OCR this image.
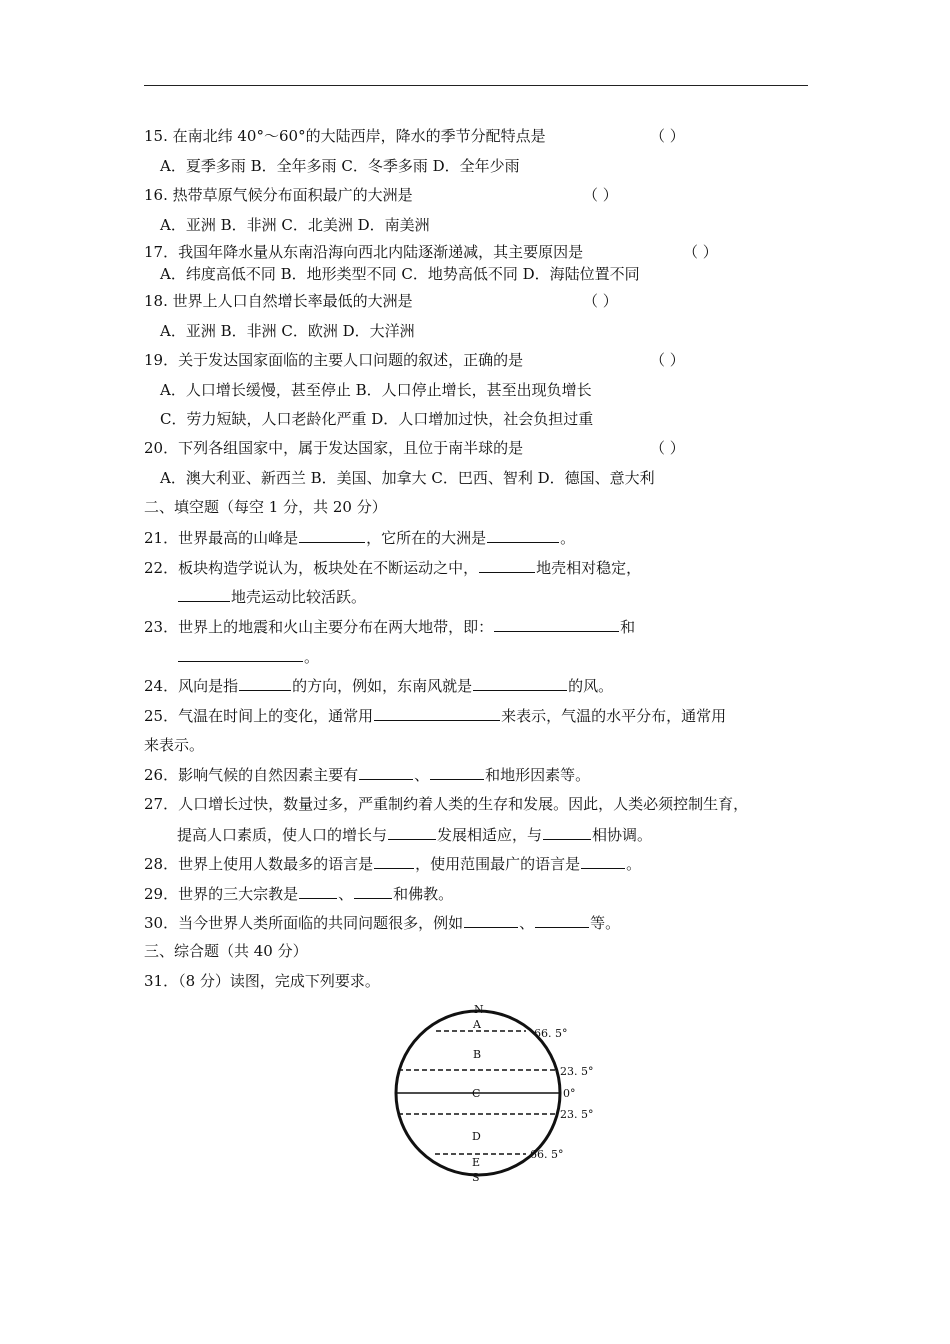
15. 在南北纬 40°～60°的大陆西岸，降水的季节分配特点是	（ ）
A．夏季多雨 B．全年多雨 C．冬季多雨 D．全年少雨
16. 热带草原气候分布面积最广的大洲是	（ ）
A．亚洲 B．非洲 C．北美洲 D．南美洲
17．我国年降水量从东南沿海向西北内陆逐渐递减，其主要原因是	（ ）
A．纬度高低不同 B．地形类型不同 C．地势高低不同 D．海陆位置不同
18. 世界上人口自然增长率最低的大洲是	（ ）
A．亚洲 B．非洲 C．欧洲 D．大洋洲
19．关于发达国家面临的主要人口问题的叙述，正确的是	（ ）
A．人口增长缓慢，甚至停止 B．人口停止增长，甚至出现负增长
C．劳力短缺，人口老龄化严重 D．人口增加过快，社会负担过重
20．下列各组国家中，属于发达国家，且位于南半球的是	（ ）
A．澳大利亚、新西兰 B．美国、加拿大 C．巴西、智利 D．德国、意大利
二、填空题（每空 1 分，共 20 分）
21．世界最高的山峰是	，它所在的大洲是	。
22．板块构造学说认为，板块处在不断运动之中，	地壳相对稳定，
地壳运动比较活跃。
23．世界上的地震和火山主要分布在两大地带，即：	和
。
24．风向是指	的方向，例如，东南风就是	的风。
25．气温在时间上的变化，通常用	来表示，气温的水平分布，通常用
来表示。
26．影响气候的自然因素主要有	、	和地形因素等。
27．人口增长过快，数量过多，严重制约着人类的生存和发展。因此，人类必须控制生育，
提高人口素质，使人口的增长与	发展相适应，与	相协调。
28．世界上使用人数最多的语言是	，使用范围最广的语言是	。
29．世界的三大宗教是	、	和佛教。
30．当今世界人类所面临的共同问题很多，例如	、	等。
三、综合题（共 40 分）
31．（8 分）读图，完成下列要求。
N
S
A
B
C
D
E
66. 5°
23. 5°
0°
23. 5°
66. 5°
